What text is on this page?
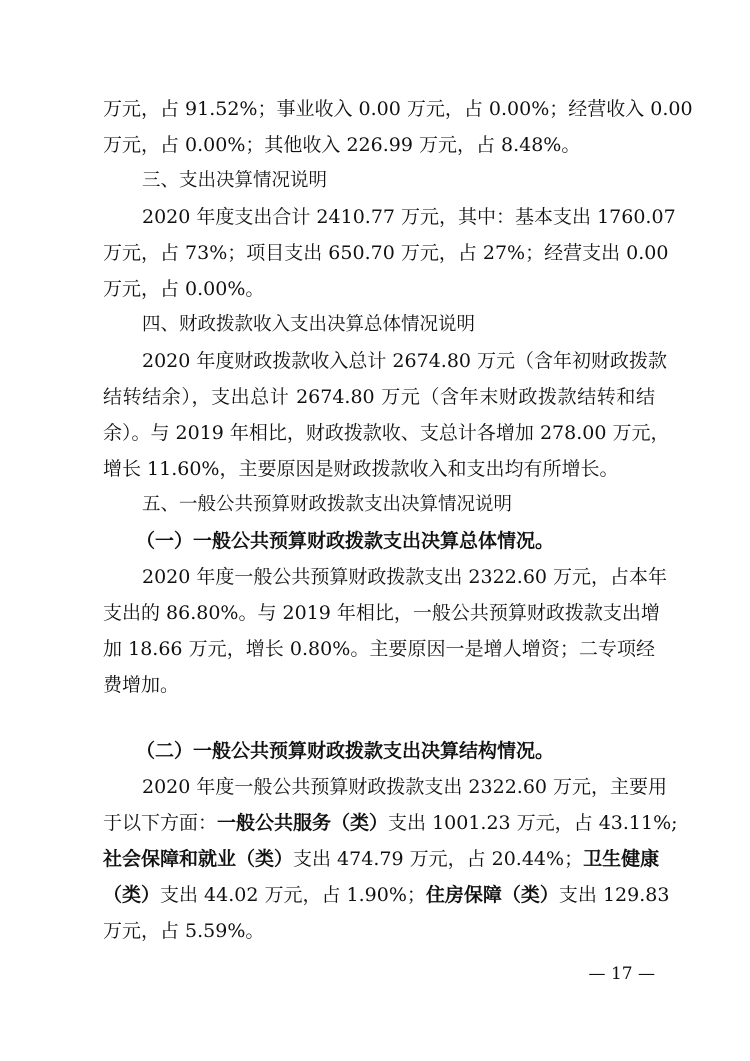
万元，占 91.52%；事业收入 0.00 万元，占 0.00%；经营收入 0.00
万元，占 0.00%；其他收入 226.99 万元，占 8.48%。
三、支出决算情况说明
2020 年度支出合计 2410.77 万元，其中：基本支出 1760.07
万元，占 73%；项目支出 650.70 万元，占 27%；经营支出 0.00
万元，占 0.00%。
四、财政拨款收入支出决算总体情况说明
2020 年度财政拨款收入总计 2674.80 万元（含年初财政拨款
结转结余），支出总计 2674.80 万元（含年末财政拨款结转和结
余）。与 2019 年相比，财政拨款收、支总计各增加 278.00 万元，
增长 11.60%，主要原因是财政拨款收入和支出均有所增长。
五、一般公共预算财政拨款支出决算情况说明
（一）一般公共预算财政拨款支出决算总体情况。
2020 年度一般公共预算财政拨款支出 2322.60 万元，占本年
支出的 86.80%。与 2019 年相比，一般公共预算财政拨款支出增
加 18.66 万元，增长 0.80%。主要原因一是增人增资；二专项经
费增加。
（二）一般公共预算财政拨款支出决算结构情况。
2020 年度一般公共预算财政拨款支出 2322.60 万元，主要用
于以下方面：一般公共服务（类）支出 1001.23 万元，占 43.11%;
社会保障和就业（类）支出 474.79 万元，占 20.44%；卫生健康
（类）支出 44.02 万元，占 1.90%；住房保障（类）支出 129.83
万元，占 5.59%。
— 17 —
